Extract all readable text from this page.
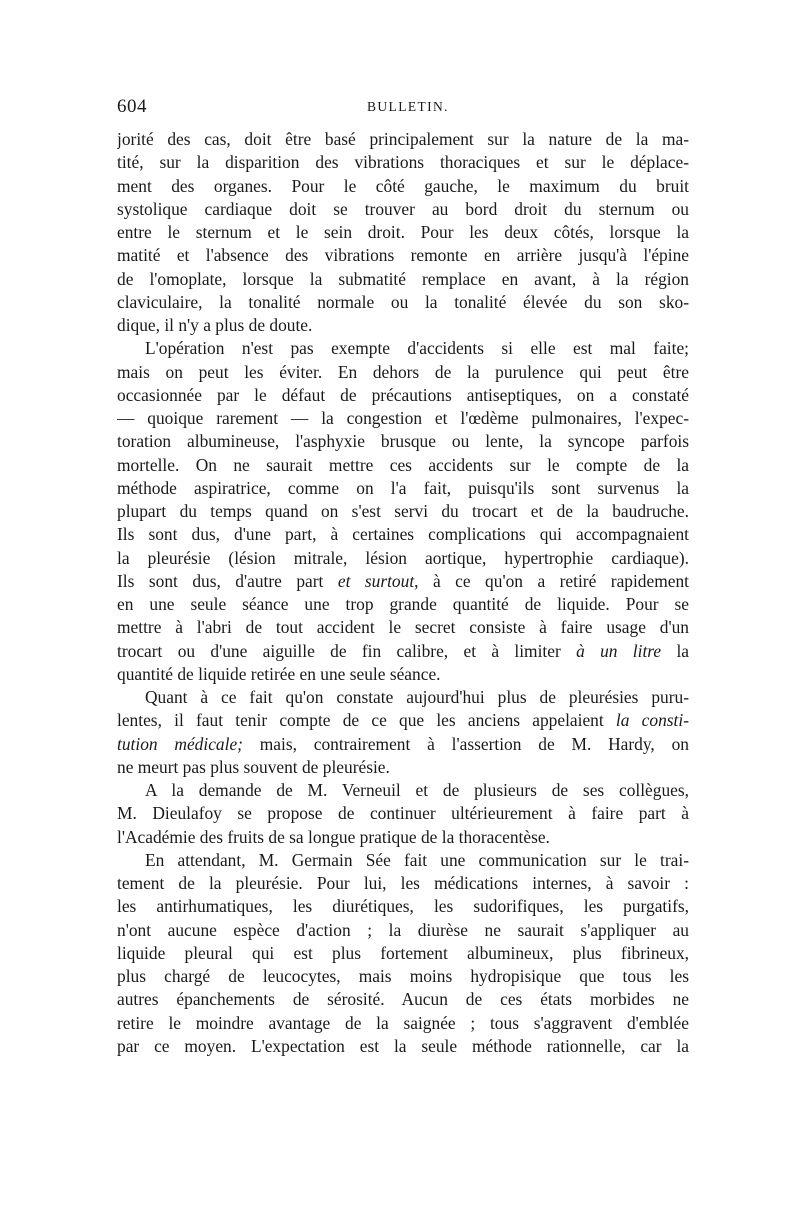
604	BULLETIN.
jorité des cas, doit être basé principalement sur la nature de la ma-
tité, sur la disparition des vibrations thoraciques et sur le déplace-
ment des organes. Pour le côté gauche, le maximum du bruit
systolique cardiaque doit se trouver au bord droit du sternum ou
entre le sternum et le sein droit. Pour les deux côtés, lorsque la
matité et l'absence des vibrations remonte en arrière jusqu'à l'épine
de l'omoplate, lorsque la submatité remplace en avant, à la région
claviculaire, la tonalité normale ou la tonalité élevée du son sko-
dique, il n'y a plus de doute.
L'opération n'est pas exempte d'accidents si elle est mal faite;
mais on peut les éviter. En dehors de la purulence qui peut être
occasionnée par le défaut de précautions antiseptiques, on a constaté
— quoique rarement — la congestion et l'œdème pulmonaires, l'expec-
toration albumineuse, l'asphyxie brusque ou lente, la syncope parfois
mortelle. On ne saurait mettre ces accidents sur le compte de la
méthode aspiratrice, comme on l'a fait, puisqu'ils sont survenus la
plupart du temps quand on s'est servi du trocart et de la baudruche.
Ils sont dus, d'une part, à certaines complications qui accompagnaient
la pleurésie (lésion mitrale, lésion aortique, hypertrophie cardiaque).
Ils sont dus, d'autre part et surtout, à ce qu'on a retiré rapidement
en une seule séance une trop grande quantité de liquide. Pour se
mettre à l'abri de tout accident le secret consiste à faire usage d'un
trocart ou d'une aiguille de fin calibre, et à limiter à un litre la
quantité de liquide retirée en une seule séance.
Quant à ce fait qu'on constate aujourd'hui plus de pleurésies puru-
lentes, il faut tenir compte de ce que les anciens appelaient la consti-
tution médicale; mais, contrairement à l'assertion de M. Hardy, on
ne meurt pas plus souvent de pleurésie.
A la demande de M. Verneuil et de plusieurs de ses collègues,
M. Dieulafoy se propose de continuer ultérieurement à faire part à
l'Académie des fruits de sa longue pratique de la thoracentèse.
En attendant, M. Germain Sée fait une communication sur le trai-
tement de la pleurésie. Pour lui, les médications internes, à savoir :
les antirhumatiques, les diurétiques, les sudorifiques, les purgatifs,
n'ont aucune espèce d'action ; la diurèse ne saurait s'appliquer au
liquide pleural qui est plus fortement albumineux, plus fibrineux,
plus chargé de leucocytes, mais moins hydropisique que tous les
autres épanchements de sérosité. Aucun de ces états morbides ne
retire le moindre avantage de la saignée ; tous s'aggravent d'emblée
par ce moyen. L'expectation est la seule méthode rationnelle, car la
